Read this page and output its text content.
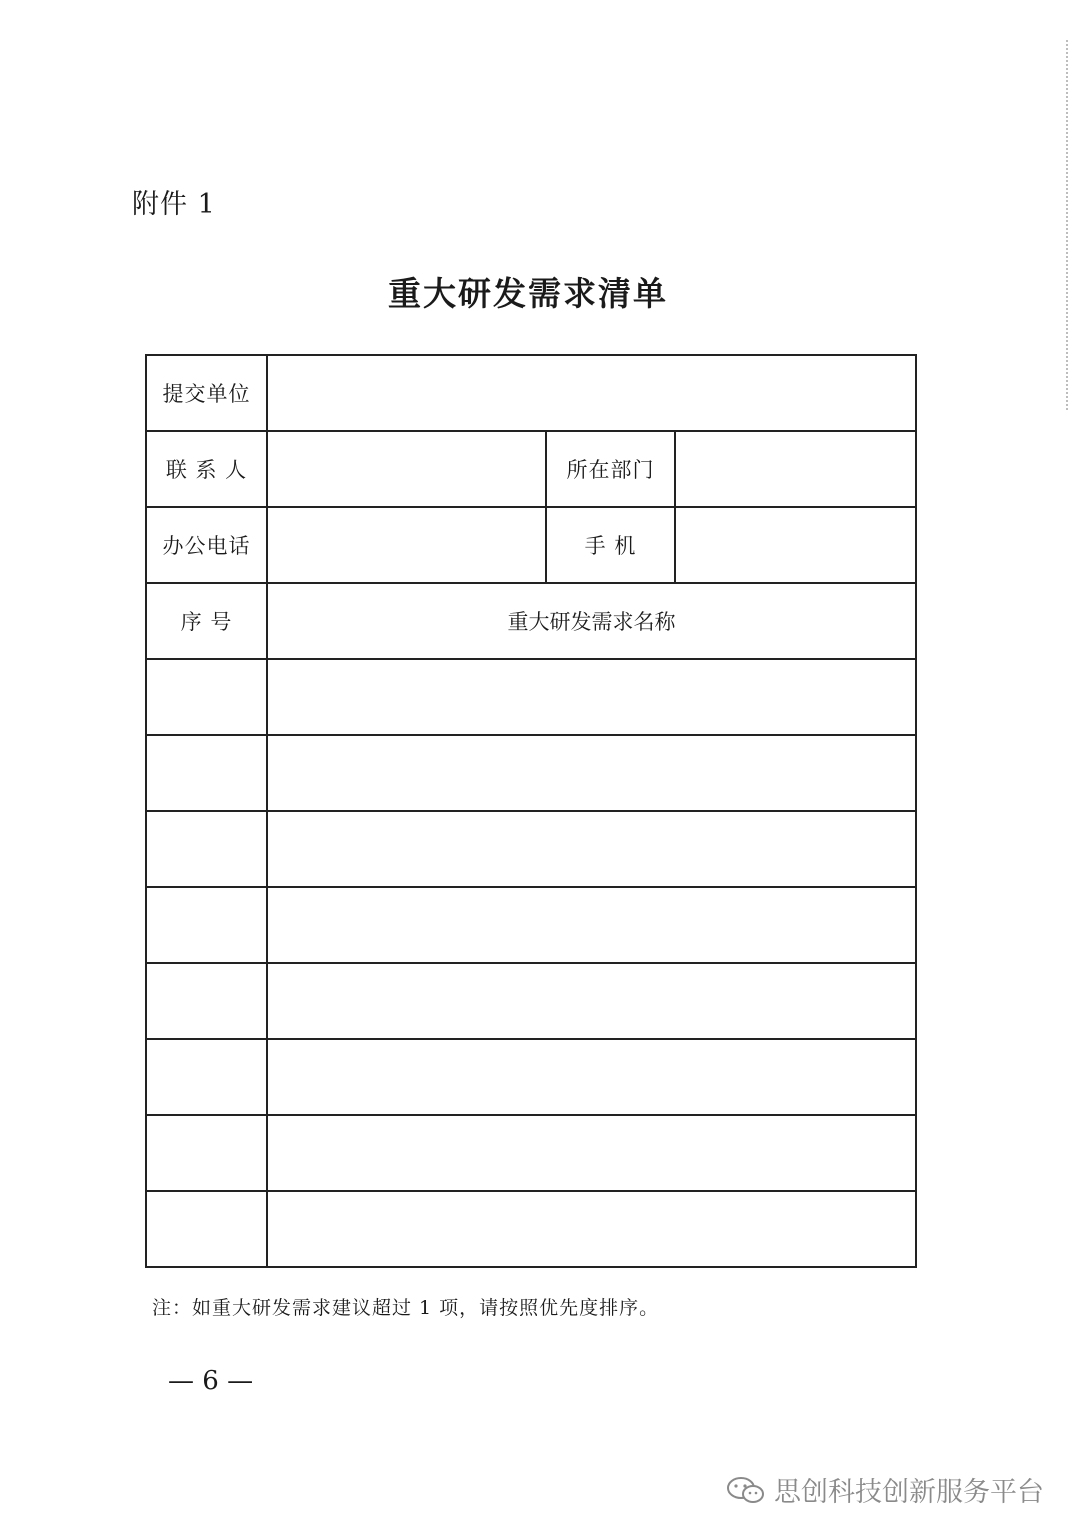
附件 1
重大研发需求清单
提交单位			
联 系 人		所在部门	
办公电话		手 机	
序 号	重大研发需求名称		

注：如重大研发需求建议超过 1 项，请按照优先度排序。
— 6 —
思创科技创新服务平台
